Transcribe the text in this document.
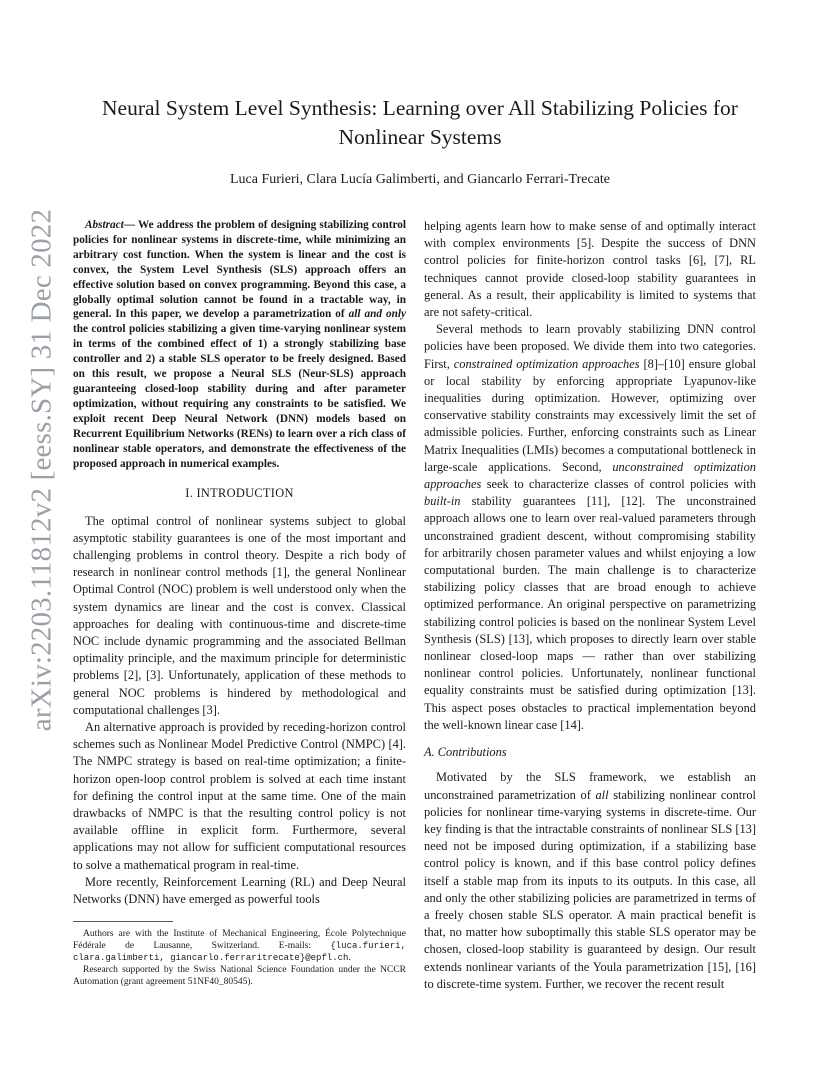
arXiv:2203.11812v2 [eess.SY] 31 Dec 2022
Neural System Level Synthesis: Learning over All Stabilizing Policies for
Nonlinear Systems
Luca Furieri, Clara Lucía Galimberti, and Giancarlo Ferrari-Trecate

Abstract— We address the problem of designing stabilizing control policies for nonlinear systems in discrete-time, while minimizing an arbitrary cost function. When the system is linear and the cost is convex, the System Level Synthesis (SLS) approach offers an effective solution based on convex programming. Beyond this case, a globally optimal solution cannot be found in a tractable way, in general. In this paper, we develop a parametrization of all and only the control policies stabilizing a given time-varying nonlinear system in terms of the combined effect of 1) a strongly stabilizing base controller and 2) a stable SLS operator to be freely designed. Based on this result, we propose a Neural SLS (Neur-SLS) approach guaranteeing closed-loop stability during and after parameter optimization, without requiring any constraints to be satisfied. We exploit recent Deep Neural Network (DNN) models based on Recurrent Equilibrium Networks (RENs) to learn over a rich class of nonlinear stable operators, and demonstrate the effectiveness of the proposed approach in numerical examples.

I. INTRODUCTION

The optimal control of nonlinear systems subject to global asymptotic stability guarantees is one of the most important and challenging problems in control theory. Despite a rich body of research in nonlinear control methods [1], the general Nonlinear Optimal Control (NOC) problem is well understood only when the system dynamics are linear and the cost is convex. Classical approaches for dealing with continuous-time and discrete-time NOC include dynamic programming and the associated Bellman optimality principle, and the maximum principle for deterministic problems [2], [3]. Unfortunately, application of these methods to general NOC problems is hindered by methodological and computational challenges [3].

An alternative approach is provided by receding-horizon control schemes such as Nonlinear Model Predictive Control (NMPC) [4]. The NMPC strategy is based on real-time optimization; a finite-horizon open-loop control problem is solved at each time instant for defining the control input at the same time. One of the main drawbacks of NMPC is that the resulting control policy is not available offline in explicit form. Furthermore, several applications may not allow for sufficient computational resources to solve a mathematical program in real-time.

More recently, Reinforcement Learning (RL) and Deep Neural Networks (DNN) have emerged as powerful tools

Authors are with the Institute of Mechanical Engineering, École Polytechnique Fédérale de Lausanne, Switzerland. E-mails: {luca.furieri, clara.galimberti, giancarlo.ferraritrecate}@epfl.ch.

Research supported by the Swiss National Science Foundation under the NCCR Automation (grant agreement 51NF40_80545).

helping agents learn how to make sense of and optimally interact with complex environments [5]. Despite the success of DNN control policies for finite-horizon control tasks [6], [7], RL techniques cannot provide closed-loop stability guarantees in general. As a result, their applicability is limited to systems that are not safety-critical.

Several methods to learn provably stabilizing DNN control policies have been proposed. We divide them into two categories. First, constrained optimization approaches [8]–[10] ensure global or local stability by enforcing appropriate Lyapunov-like inequalities during optimization. However, optimizing over conservative stability constraints may excessively limit the set of admissible policies. Further, enforcing constraints such as Linear Matrix Inequalities (LMIs) becomes a computational bottleneck in large-scale applications. Second, unconstrained optimization approaches seek to characterize classes of control policies with built-in stability guarantees [11], [12]. The unconstrained approach allows one to learn over real-valued parameters through unconstrained gradient descent, without compromising stability for arbitrarily chosen parameter values and whilst enjoying a low computational burden. The main challenge is to characterize stabilizing policy classes that are broad enough to achieve optimized performance. An original perspective on parametrizing stabilizing control policies is based on the nonlinear System Level Synthesis (SLS) [13], which proposes to directly learn over stable nonlinear closed-loop maps — rather than over stabilizing nonlinear control policies. Unfortunately, nonlinear functional equality constraints must be satisfied during optimization [13]. This aspect poses obstacles to practical implementation beyond the well-known linear case [14].

A. Contributions

Motivated by the SLS framework, we establish an unconstrained parametrization of all stabilizing nonlinear control policies for nonlinear time-varying systems in discrete-time. Our key finding is that the intractable constraints of nonlinear SLS [13] need not be imposed during optimization, if a stabilizing base control policy is known, and if this base control policy defines itself a stable map from its inputs to its outputs. In this case, all and only the other stabilizing policies are parametrized in terms of a freely chosen stable SLS operator. A main practical benefit is that, no matter how suboptimally this stable SLS operator may be chosen, closed-loop stability is guaranteed by design. Our result extends nonlinear variants of the Youla parametrization [15], [16] to discrete-time system. Further, we recover the recent result
